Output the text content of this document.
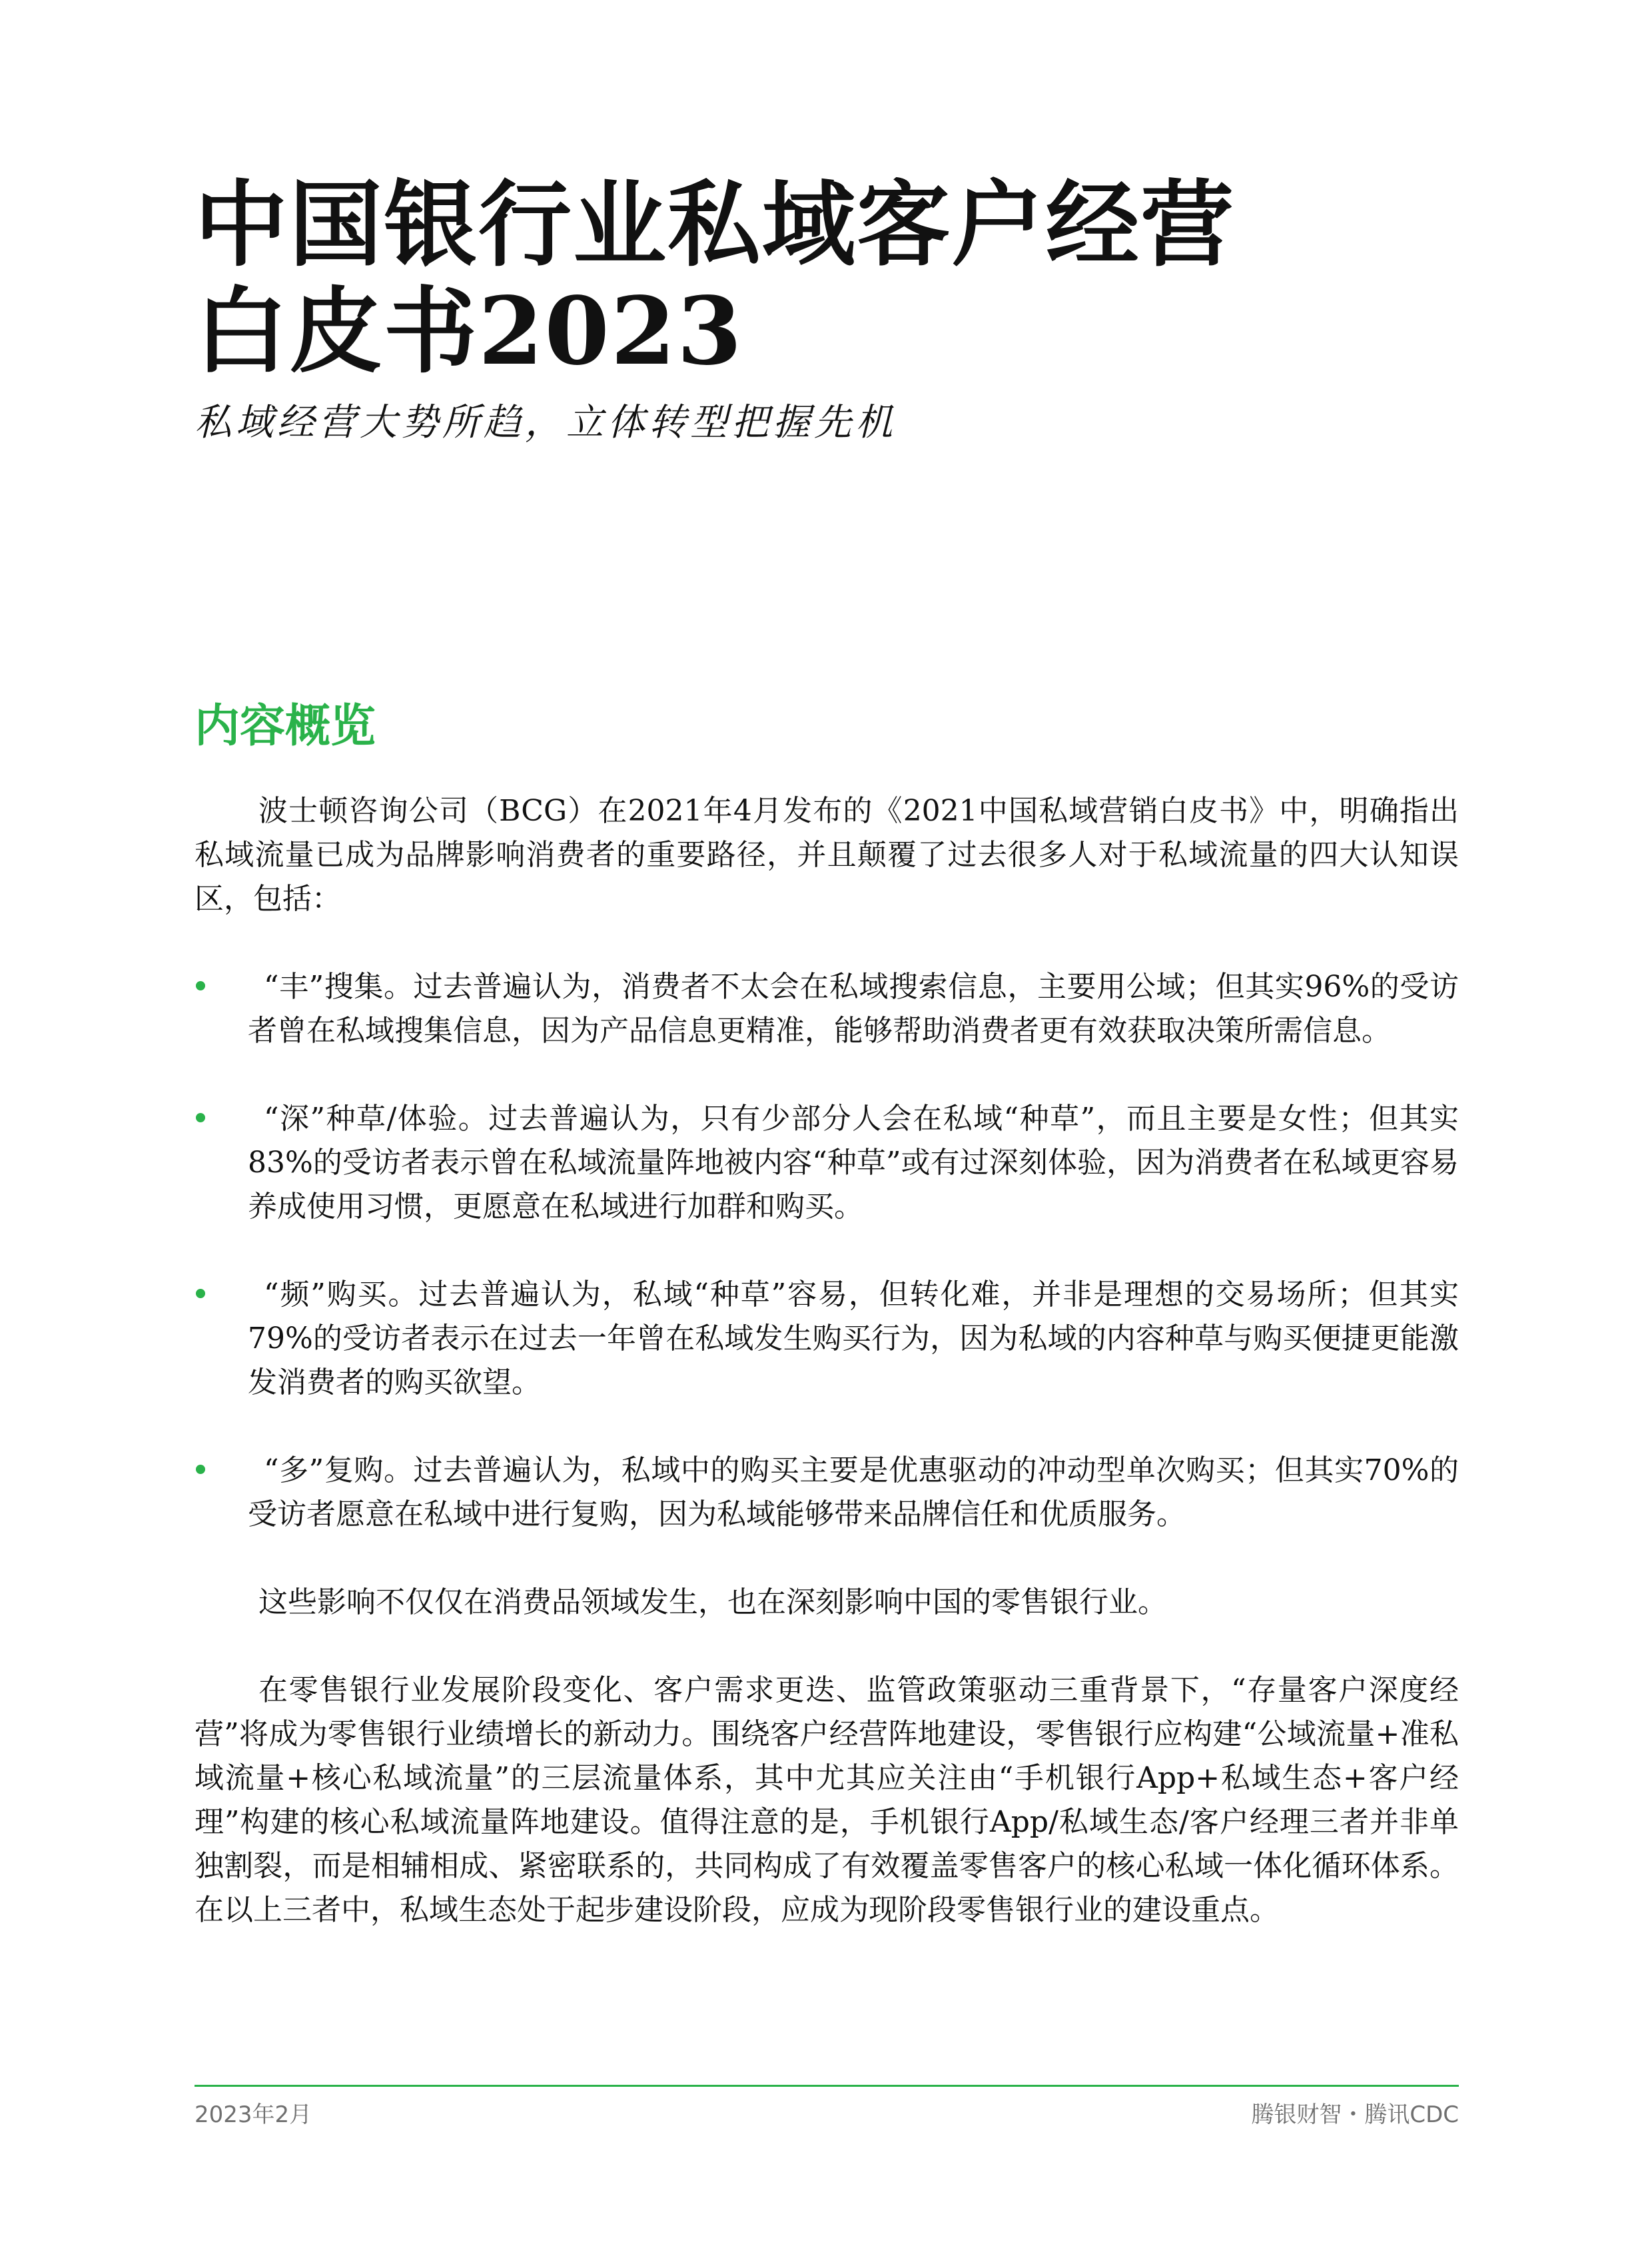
中国银行业私域客户经营
白皮书2023
私域经营大势所趋，立体转型把握先机
内容概览

波士顿咨询公司（BCG）在2021年4月发布的《2021中国私域营销白皮书》中，明确指出私域流量已成为品牌影响消费者的重要路径，并且颠覆了过去很多人对于私域流量的四大认知误区，包括：

“丰”搜集。过去普遍认为，消费者不太会在私域搜索信息，主要用公域；但其实96%的受访者曾在私域搜集信息，因为产品信息更精准，能够帮助消费者更有效获取决策所需信息。
“深”种草/体验。过去普遍认为，只有少部分人会在私域“种草”，而且主要是女性；但其实83%的受访者表示曾在私域流量阵地被内容“种草”或有过深刻体验，因为消费者在私域更容易养成使用习惯，更愿意在私域进行加群和购买。
“频”购买。过去普遍认为，私域“种草”容易，但转化难，并非是理想的交易场所；但其实79%的受访者表示在过去一年曾在私域发生购买行为，因为私域的内容种草与购买便捷更能激发消费者的购买欲望。
“多”复购。过去普遍认为，私域中的购买主要是优惠驱动的冲动型单次购买；但其实70%的受访者愿意在私域中进行复购，因为私域能够带来品牌信任和优质服务。

这些影响不仅仅在消费品领域发生，也在深刻影响中国的零售银行业。

在零售银行业发展阶段变化、客户需求更迭、监管政策驱动三重背景下，“存量客户深度经营”将成为零售银行业绩增长的新动力。围绕客户经营阵地建设，零售银行应构建“公域流量+准私域流量+核心私域流量”的三层流量体系，其中尤其应关注由“手机银行App+私域生态+客户经理”构建的核心私域流量阵地建设。值得注意的是，手机银行App/私域生态/客户经理三者并非单独割裂，而是相辅相成、紧密联系的，共同构成了有效覆盖零售客户的核心私域一体化循环体系。在以上三者中，私域生态处于起步建设阶段，应成为现阶段零售银行业的建设重点。

2023年2月	腾银财智・腾讯CDC
